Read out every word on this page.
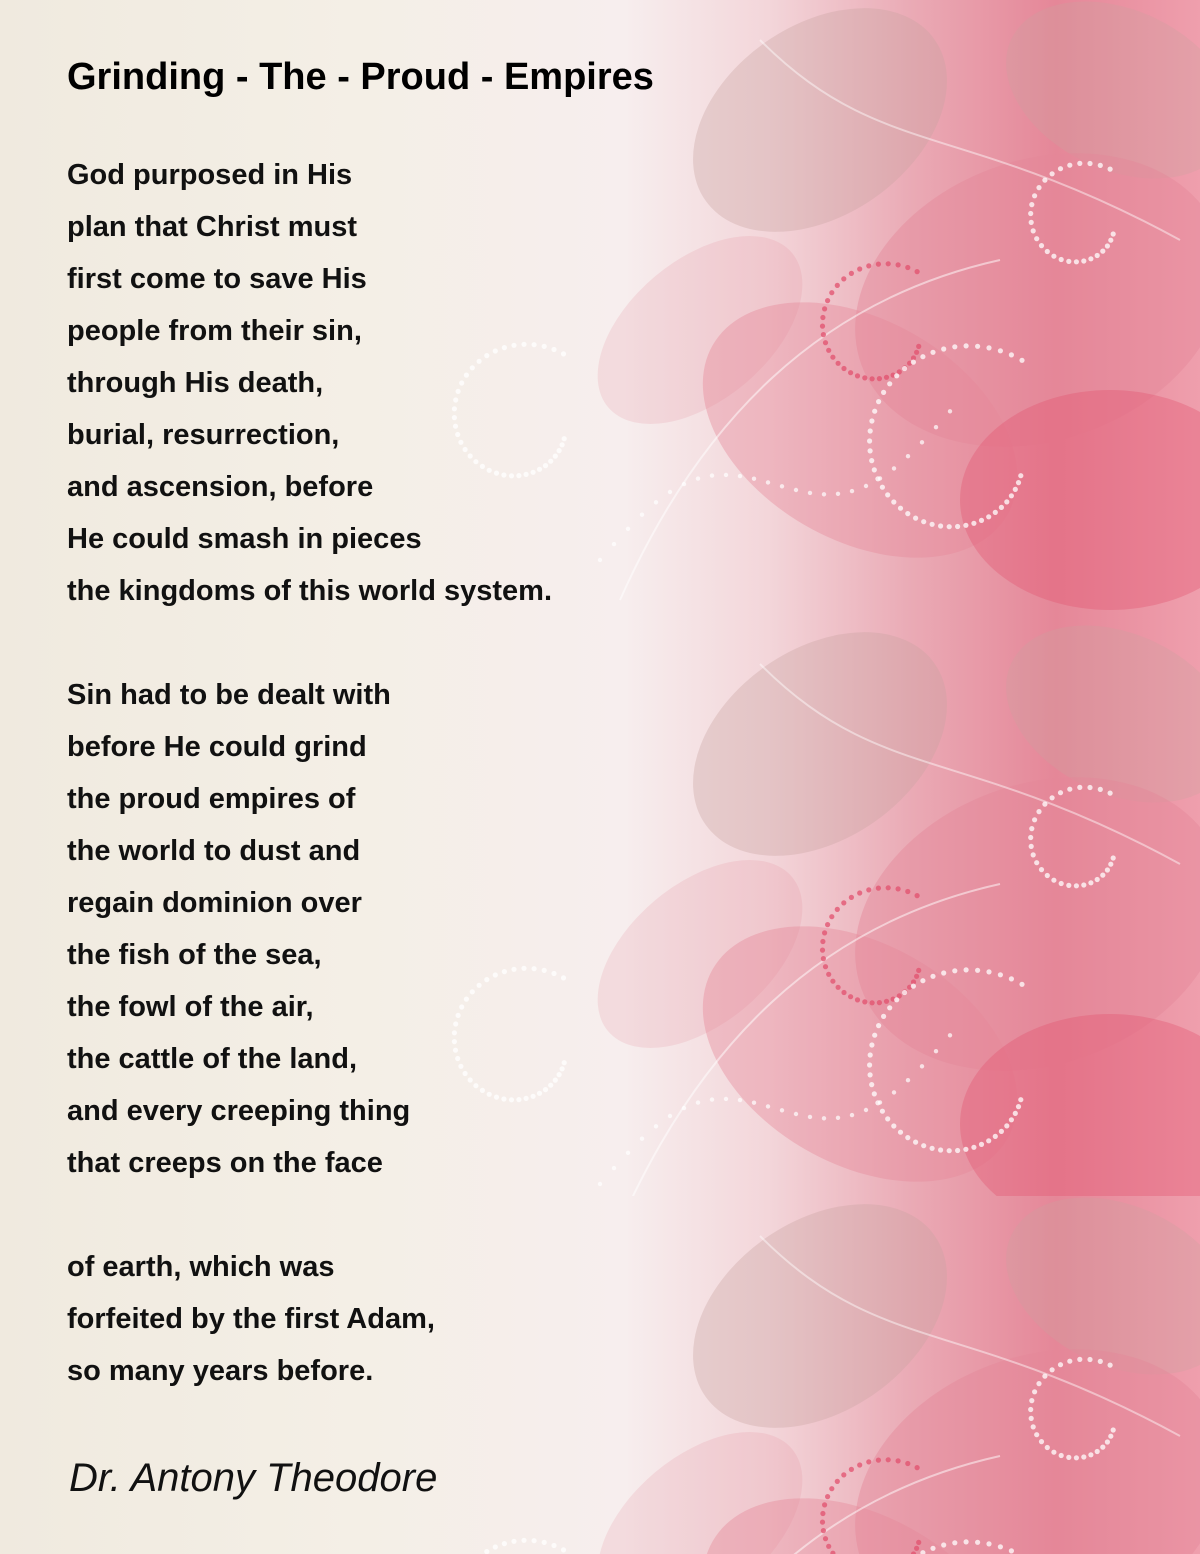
Grinding - The - Proud - Empires
God purposed in His
plan that Christ must
first come to save His
people from their sin,
through His death,
burial, resurrection,
and ascension, before
He could smash in pieces
the kingdoms of this world system.
Sin had to be dealt with
before He could grind
the proud empires of
the world to dust and
regain dominion over
the fish of the sea,
the fowl of the air,
the cattle of the land,
and every creeping thing
that creeps on the face
of earth, which was
forfeited by the first Adam,
so many years before.
Dr. Antony Theodore
